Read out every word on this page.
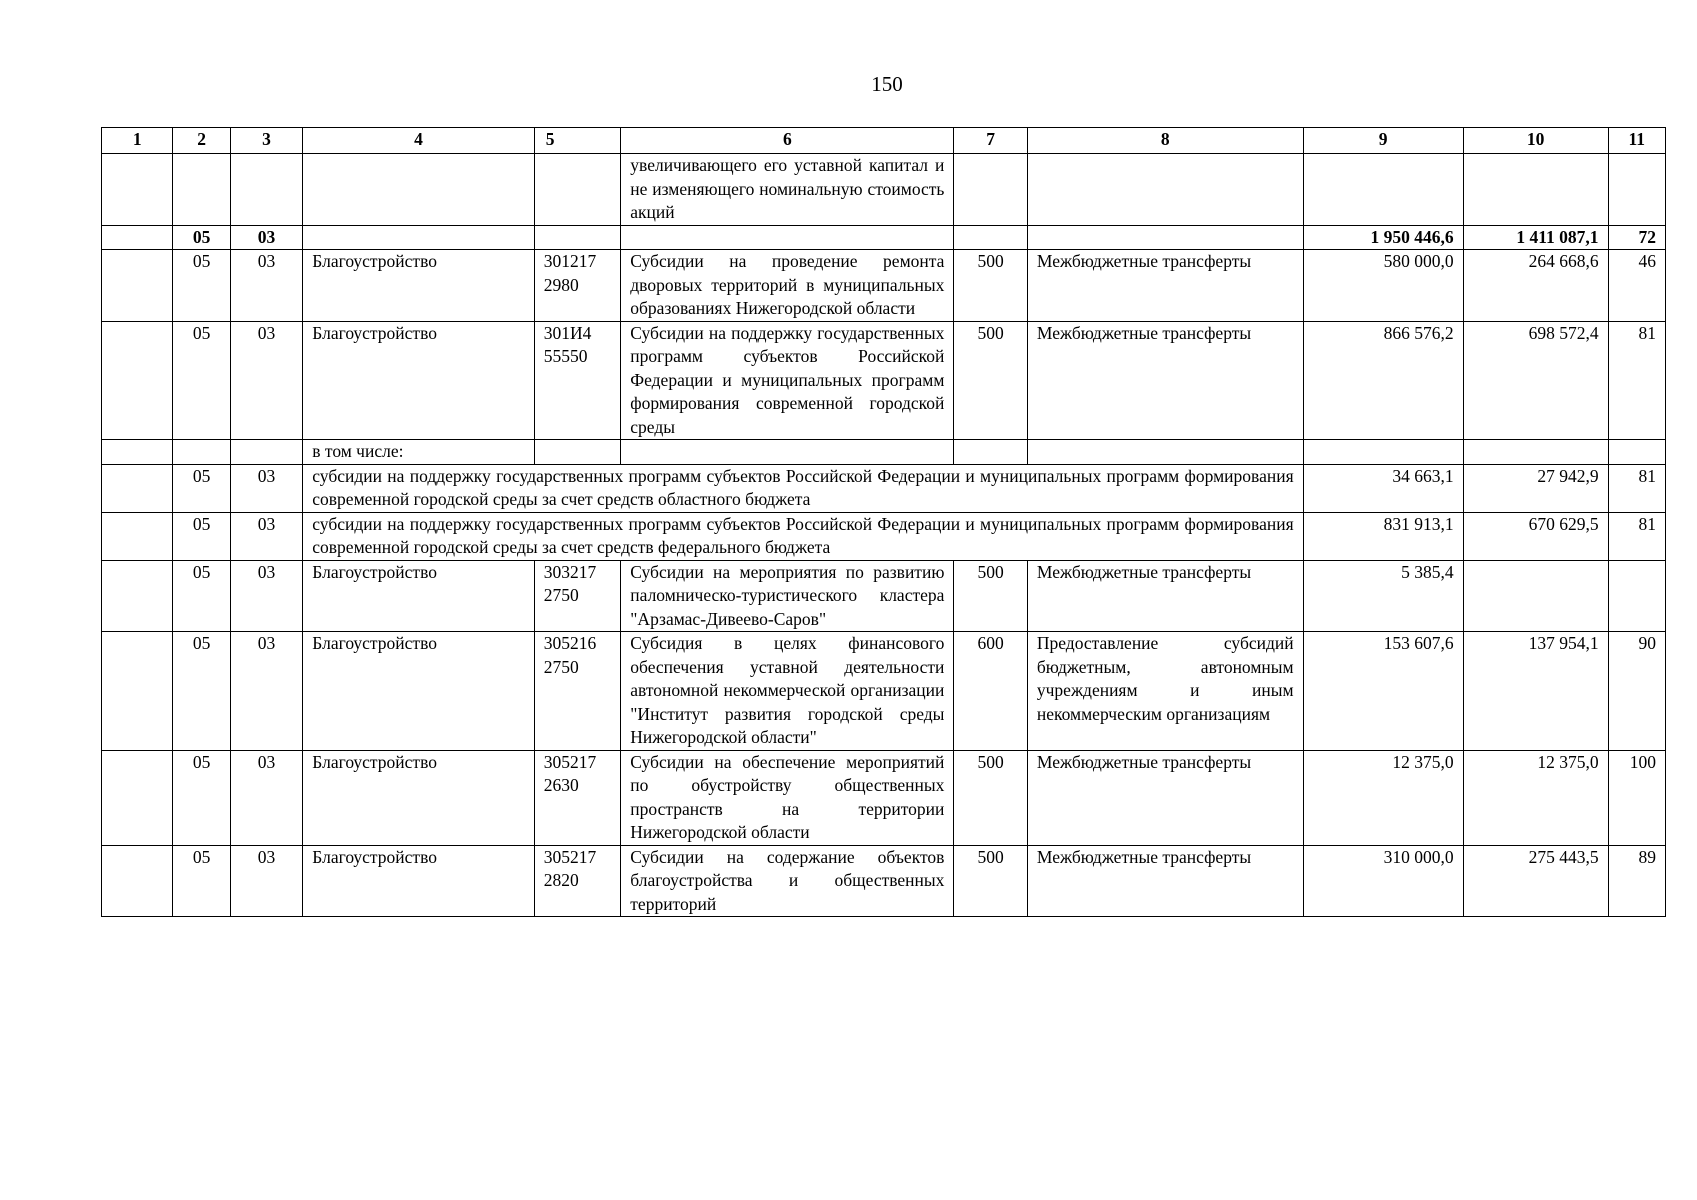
150
1	2	3	4	5	6	7	8	9	10	11
					увеличивающего его уставной капитал и не изменяющего номинальную стоимость акций					
	05	03						1 950 446,6	1 411 087,1	72
	05	03	Благоустройство	301217 2980	Субсидии на проведение ремонта дворовых территорий в муниципальных образованиях Нижегородской области	500	Межбюджетные трансферты	580 000,0	264 668,6	46
	05	03	Благоустройство	301И4 55550	Субсидии на поддержку государственных программ субъектов Российской Федерации и муниципальных программ формирования современной городской среды	500	Межбюджетные трансферты	866 576,2	698 572,4	81
			в том числе:							
	05	03	субсидии на поддержку государственных программ субъектов Российской Федерации и муниципальных программ формирования современной городской среды за счет средств областного бюджета					34 663,1	27 942,9	81
	05	03	субсидии на поддержку государственных программ субъектов Российской Федерации и муниципальных программ формирования современной городской среды за счет средств федерального бюджета					831 913,1	670 629,5	81
	05	03	Благоустройство	303217 2750	Субсидии на мероприятия по развитию паломническо-туристического кластера "Арзамас-Дивеево-Саров"	500	Межбюджетные трансферты	5 385,4		
	05	03	Благоустройство	305216 2750	Субсидия в целях финансового обеспечения уставной деятельности автономной некоммерческой организации "Институт развития городской среды Нижегородской области"	600	Предоставление субсидий бюджетным, автономным учреждениям и иным некоммерческим организациям	153 607,6	137 954,1	90
	05	03	Благоустройство	305217 2630	Субсидии на обеспечение мероприятий по обустройству общественных пространств на территории Нижегородской области	500	Межбюджетные трансферты	12 375,0	12 375,0	100
	05	03	Благоустройство	305217 2820	Субсидии на содержание объектов благоустройства и общественных территорий	500	Межбюджетные трансферты	310 000,0	275 443,5	89
